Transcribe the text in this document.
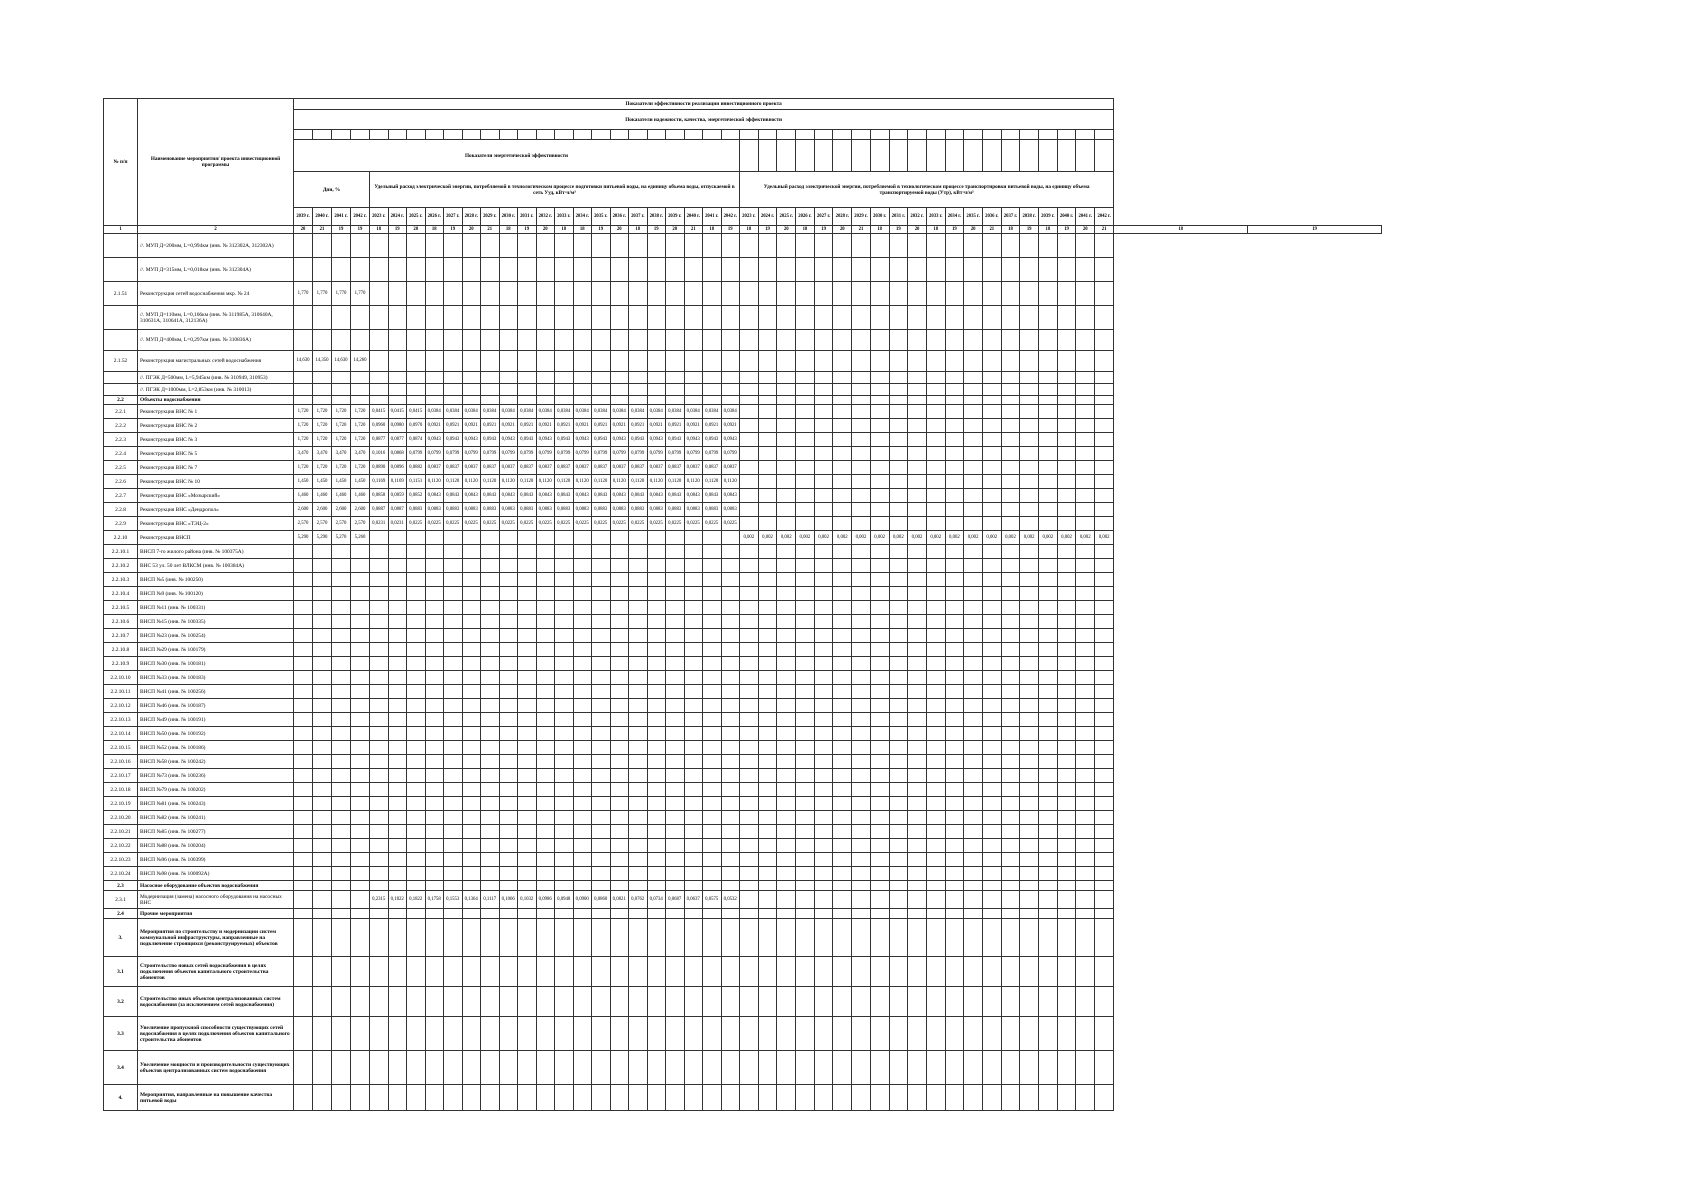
№ п/п	Наименование мероприятия/ проекта инвестиционной программы	Показатели эффективности реализации инвестиционного проекта																																													
		Показатели надежности, качества, энергетической эффективности																																													

		Показатели энергетической эффективности																																													
		Дпн, %				Удельный расход электрической энергии, потребляемой в технологическом процессе подготовки питьевой воды, на единицу объема воды, отпускаемой в сеть Ууд, кВт·ч/м³																				Удельный расход электрической энергии, потребляемой в технологическом процессе транспортировки питьевой воды, на единицу объема транспортируемой воды (Утр), кВт·ч/м³																					
		2039 г.	2040 г.	2041 г.	2042 г.	2023 г.	2024 г.	2025 г.	2026 г.	2027 г.	2028 г.	2029 г.	2030 г.	2031 г.	2032 г.	2033 г.	2034 г.	2035 г.	2036 г.	2037 г.	2038 г.	2039 г.	2040 г.	2041 г.	2042 г.	2023 г.	2024 г.	2025 г.	2026 г.	2027 г.	2028 г.	2029 г.	2030 г.	2031 г.	2032 г.	2033 г.	2034 г.	2035 г.	2036 г.	2037 г.	2038 г.	2039 г.	2040 г.	2041 г.	2042 г.		
1	2	20	21	19	19	18	19	20	18	19	20	21	18	19	20	18	18	19	20	18	19	20	21	18	19	18	19	20	18	19	20	21	18	19	20	18	19	20	21	18	19	18	19	20	21	18	19
	//. МУП Д=200мм, L=0,994км (инв. № 312302А, 312302А)																																														
	//. МУП Д=315мм, L=0,018км (инв. № 312304А)																																														
2.1.51	Реконструкция сетей водоснабжения мкр. № 24	1,770	1,770	1,770	1,770																																										
	//. МУП Д=110мм, L=0,166км (инв. № 311985А, 310640А, 310631А, 310641А, 312136А)																																														
	//. МУП Д=400мм, L=0,297км (инв. № 310836А)																																														
2.1.52	Реконструкция магистральных сетей водоснабжения	14,630	14,350	14,630	14,260																																										
	//. ПГЭК Д=500мм, L=5,945км (инв. № 310949, 310953)																																														
	//. ПГЭК Д=1000мм, L=2,853км (инв. № 310013)																																														
2.2	Объекты водоснабжения																																														
2.2.1	Реконструкция ВНС № 1	1,720	1,720	1,720	1,720	0,0415	0,0415	0,0415	0,0384	0,0384	0,0384	0,0384	0,0384	0,0384	0,0384	0,0384	0,0384	0,0384	0,0384	0,0384	0,0384	0,0384	0,0384	0,0384	0,0384																						
2.2.2	Реконструкция ВНС № 2	1,720	1,720	1,720	1,720	0,0960	0,0980	0,0970	0,0921	0,0921	0,0921	0,0921	0,0921	0,0921	0,0921	0,0921	0,0921	0,0921	0,0921	0,0921	0,0921	0,0921	0,0921	0,0921	0,0921																						
2.2.3	Реконструкция ВНС № 3	1,720	1,720	1,720	1,720	0,0877	0,0877	0,0874	0,0943	0,0943	0,0943	0,0943	0,0943	0,0943	0,0943	0,0943	0,0943	0,0943	0,0943	0,0943	0,0943	0,0943	0,0943	0,0943	0,0943																						
2.2.4	Реконструкция ВНС № 5	3,470	3,470	3,470	3,470	0,1016	0,0868	0,0799	0,0799	0,0799	0,0799	0,0799	0,0799	0,0799	0,0799	0,0799	0,0799	0,0799	0,0799	0,0799	0,0799	0,0799	0,0799	0,0799	0,0799																						
2.2.5	Реконструкция ВНС № 7	1,720	1,720	1,720	1,720	0,0890	0,0896	0,0882	0,0837	0,0837	0,0837	0,0837	0,0837	0,0837	0,0837	0,0837	0,0837	0,0837	0,0837	0,0837	0,0837	0,0837	0,0837	0,0837	0,0837																						
2.2.6	Реконструкция ВНС № 10	1,450	1,450	1,450	1,450	0,1169	0,1169	0,1151	0,1120	0,1120	0,1120	0,1120	0,1120	0,1120	0,1120	0,1120	0,1120	0,1120	0,1120	0,1120	0,1120	0,1120	0,1120	0,1120	0,1120																						
2.2.7	Реконструкция ВНС «Мозырский»	1,460	1,460	1,460	1,460	0,0858	0,0859	0,0852	0,0843	0,0843	0,0843	0,0843	0,0843	0,0843	0,0843	0,0843	0,0843	0,0843	0,0843	0,0843	0,0843	0,0843	0,0843	0,0843	0,0843																						
2.2.8	Реконструкция ВНС «Дендропол»	2,600	2,600	2,600	2,600	0,0887	0,0887	0,0883	0,0883	0,0883	0,0883	0,0883	0,0883	0,0883	0,0883	0,0883	0,0883	0,0883	0,0883	0,0883	0,0883	0,0883	0,0883	0,0883	0,0883																						
2.2.9	Реконструкция ВНС «ТЭЦ-2»	2,570	2,570	2,570	2,570	0,0231	0,0231	0,0225	0,0225	0,0225	0,0225	0,0225	0,0225	0,0225	0,0225	0,0225	0,0225	0,0225	0,0225	0,0225	0,0225	0,0225	0,0225	0,0225	0,0225																						
2.2.10	Реконструкция ВНСП	5,290	5,290	5,270	5,260																					0,002	0,002	0,002	0,002	0,002	0,002	0,002	0,002	0,002	0,002	0,002	0,002	0,002	0,002	0,002	0,002	0,002	0,002	0,002	0,002		
2.2.10.1	ВНСП 7-го жилого района (инв. № 100375А)																																														
2.2.10.2	ВНС 53 ул. 50 лет ВЛКСМ (инв. № 100384А)																																														
2.2.10.3	ВНСП №5 (инв. № 100250)																																														
2.2.10.4	ВНСП №9 (инв. № 100120)																																														
2.2.10.5	ВНСП №11 (инв. № 100331)																																														
2.2.10.6	ВНСП №15 (инв. № 100335)																																														
2.2.10.7	ВНСП №23 (инв. № 100254)																																														
2.2.10.8	ВНСП №29 (инв. № 100179)																																														
2.2.10.9	ВНСП №30 (инв. № 100181)																																														
2.2.10.10	ВНСП №33 (инв. № 100183)																																														
2.2.10.11	ВНСП №41 (инв. № 100256)																																														
2.2.10.12	ВНСП №46 (инв. № 100187)																																														
2.2.10.13	ВНСП №49 (инв. № 100191)																																														
2.2.10.14	ВНСП №50 (инв. № 100192)																																														
2.2.10.15	ВНСП №52 (инв. № 100186)																																														
2.2.10.16	ВНСП №58 (инв. № 100242)																																														
2.2.10.17	ВНСП №73 (инв. № 100236)																																														
2.2.10.18	ВНСП №79 (инв. № 100202)																																														
2.2.10.19	ВНСП №81 (инв. № 100243)																																														
2.2.10.20	ВНСП №82 (инв. № 100241)																																														
2.2.10.21	ВНСП №85 (инв. № 100277)																																														
2.2.10.22	ВНСП №88 (инв. № 100204)																																														
2.2.10.23	ВНСП №96 (инв. № 100399)																																														
2.2.10.24	ВНСП №98 (инв. № 100092А)																																														
2.3	Насосное оборудование объектов водоснабжения																																														
2.3.1	Модернизация (замена) насосного оборудования на насосных ВНС					0,2315	0,1822	0,1822	0,1758	0,1553	0,1364	0,1117	0,1066	0,1032	0,0986	0,0948	0,0900	0,0860	0,0821	0,0762	0,0734	0,0687	0,0637	0,0575	0,0532																						
2.4	Прочие мероприятия																																														
3.	Мероприятия по строительству и модернизации систем коммунальной инфраструктуры, направленные на подключение строящихся (реконструируемых) объектов																																														
3.1	Строительство новых сетей водоснабжения в целях подключения объектов капитального строительства абонентов																																														
3.2	Строительство иных объектов централизованных систем водоснабжения (за исключением сетей водоснабжения)																																														
3.3	Увеличение пропускной способности существующих сетей водоснабжения в целях подключения объектов капитального строительства абонентов																																														
3.4	Увеличение мощности и производительности существующих объектов централизованных систем водоснабжения																																														
4.	Мероприятия, направленные на повышение качества питьевой воды																																														
